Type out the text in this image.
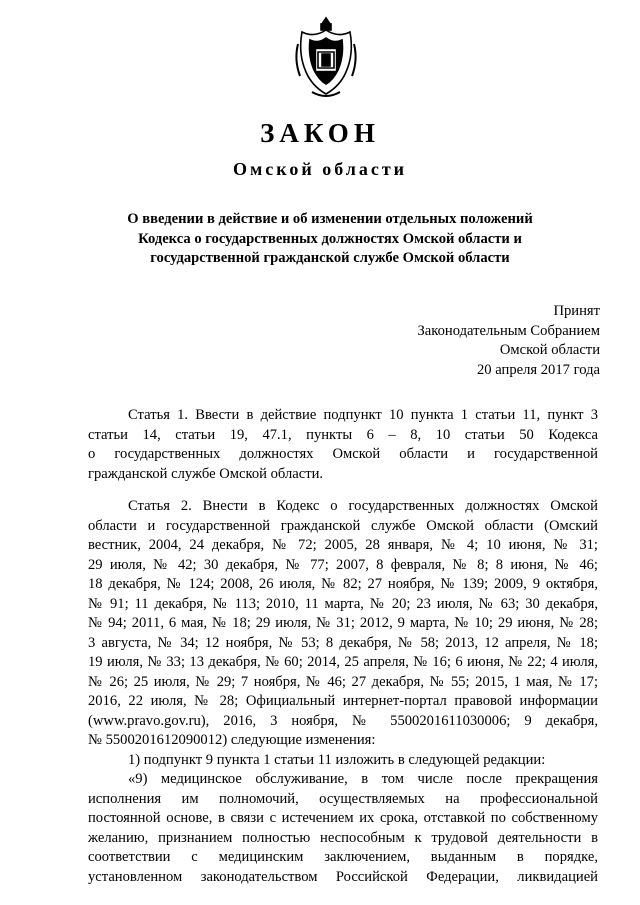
ЗАКОН
Омской области
О введении в действие и об изменении отдельных положений
Кодекса о государственных должностях Омской области и
государственной гражданской службе Омской области
Принят
Законодательным Собранием
Омской области
20 апреля 2017 года
Статья 1. Ввести в действие подпункт 10 пункта 1 статьи 11, пункт 3
статьи 14, статьи 19, 47.1, пункты 6 – 8, 10 статьи 50 Кодекса
о государственных должностях Омской области и государственной
гражданской службе Омской области.
Статья 2. Внести в Кодекс о государственных должностях Омской
области и государственной гражданской службе Омской области (Омский
вестник, 2004, 24 декабря, № 72; 2005, 28 января, № 4; 10 июня, № 31;
29 июля, № 42; 30 декабря, № 77; 2007, 8 февраля, № 8; 8 июня, № 46;
18 декабря, № 124; 2008, 26 июля, № 82; 27 ноября, № 139; 2009, 9 октября,
№ 91; 11 декабря, № 113; 2010, 11 марта, № 20; 23 июля, № 63; 30 декабря,
№ 94; 2011, 6 мая, № 18; 29 июля, № 31; 2012, 9 марта, № 10; 29 июня, № 28;
3 августа, № 34; 12 ноября, № 53; 8 декабря, № 58; 2013, 12 апреля, № 18;
19 июля, № 33; 13 декабря, № 60; 2014, 25 апреля, № 16; 6 июня, № 22; 4 июля,
№ 26; 25 июля, № 29; 7 ноября, № 46; 27 декабря, № 55; 2015, 1 мая, № 17;
2016, 22 июля, № 28; Официальный интернет-портал правовой информации
(www.pravo.gov.ru), 2016, 3 ноября, № 5500201611030006; 9 декабря,
№ 5500201612090012) следующие изменения:
1) подпункт 9 пункта 1 статьи 11 изложить в следующей редакции:
«9) медицинское обслуживание, в том числе после прекращения
исполнения им полномочий, осуществляемых на профессиональной
постоянной основе, в связи с истечением их срока, отставкой по собственному
желанию, признанием полностью неспособным к трудовой деятельности в
соответствии с медицинским заключением, выданным в порядке,
установленном законодательством Российской Федерации, ликвидацией
